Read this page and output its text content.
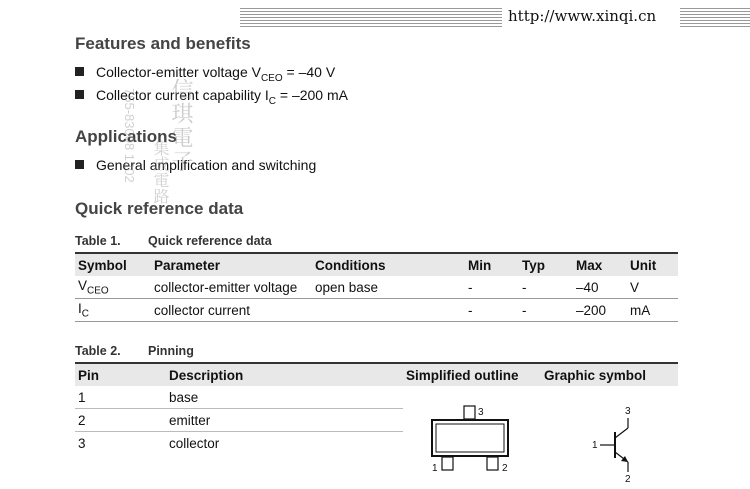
http://www.xinqi.cn
Features and benefits
Collector-emitter voltage $V_{CEO} = -40$ V
Collector current capability $I_C = -200$ mA
Applications
General amplification and switching
Quick reference data
Table 1. Quick reference data
Symbol	Parameter	Conditions	Min	Typ	Max	Unit
$V_{CEO}$	collector-emitter voltage	open base	-	-	–40	V
$I_C$	collector current		-	-	–200	mA
Table 2. Pinning
Pin	Description	Simplified outline	Graphic symbol
1	base		
2	emitter		
3	collector		
3
1	2
3
1
2
信琪電子
755-83008 1202 集成電路
